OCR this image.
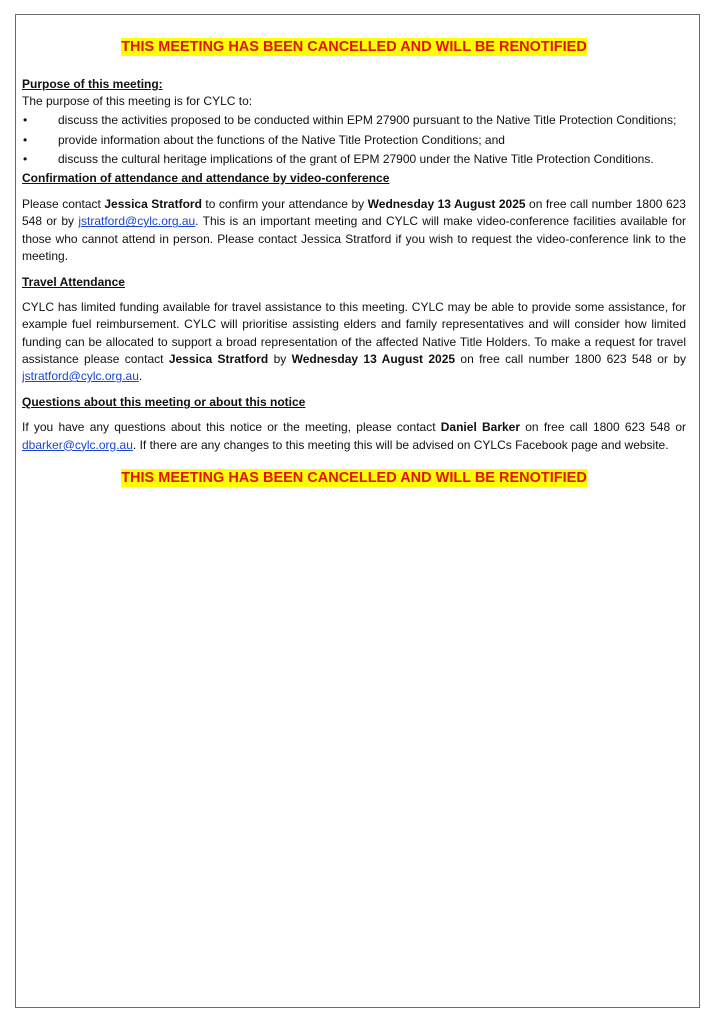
THIS MEETING HAS BEEN CANCELLED AND WILL BE RENOTIFIED
Purpose of this meeting:
The purpose of this meeting is for CYLC to:
•	discuss the activities proposed to be conducted within EPM 27900 pursuant to the Native Title Protection Conditions;
•	provide information about the functions of the Native Title Protection Conditions; and
•	discuss the cultural heritage implications of the grant of EPM 27900 under the Native Title Protection Conditions.
Confirmation of attendance and attendance by video-conference

Please contact Jessica Stratford to confirm your attendance by Wednesday 13 August 2025 on free call number 1800 623 548 or by jstratford@cylc.org.au. This is an important meeting and CYLC will make video-conference facilities available for those who cannot attend in person. Please contact Jessica Stratford if you wish to request the video-conference link to the meeting.

Travel Attendance

CYLC has limited funding available for travel assistance to this meeting. CYLC may be able to provide some assistance, for example fuel reimbursement. CYLC will prioritise assisting elders and family representatives and will consider how limited funding can be allocated to support a broad representation of the affected Native Title Holders. To make a request for travel assistance please contact Jessica Stratford by Wednesday 13 August 2025 on free call number 1800 623 548 or by jstratford@cylc.org.au.

Questions about this meeting or about this notice

If you have any questions about this notice or the meeting, please contact Daniel Barker on free call 1800 623 548 or dbarker@cylc.org.au. If there are any changes to this meeting this will be advised on CYLCs Facebook page and website.

THIS MEETING HAS BEEN CANCELLED AND WILL BE RENOTIFIED
